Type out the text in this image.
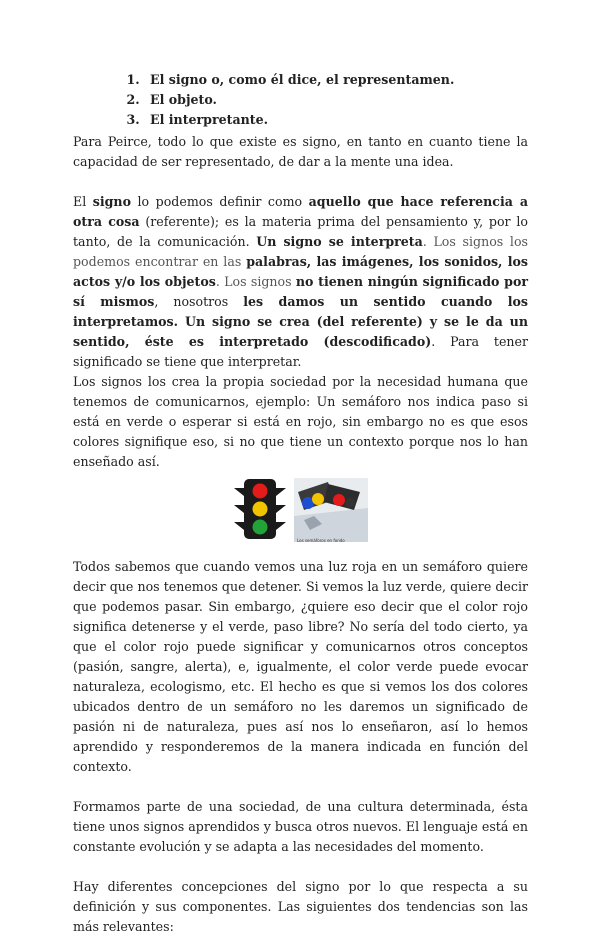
1. El signo o, como él dice, el representamen.
2. El objeto.
3. El interpretante.

Para Peirce, todo lo que existe es signo, en tanto en cuanto tiene la capacidad de ser representado, de dar a la mente una idea.

El signo lo podemos definir como aquello que hace referencia a otra cosa (referente); es la materia prima del pensamiento y, por lo tanto, de la comunicación. Un signo se interpreta. Los signos los podemos encontrar en las palabras, las imágenes, los sonidos, los actos y/o los objetos. Los signos no tienen ningún significado por sí mismos, nosotros les damos un sentido cuando los interpretamos. Un signo se crea (del referente) y se le da un sentido, éste es interpretado (descodificado). Para tener significado se tiene que interpretar.

Los signos los crea la propia sociedad por la necesidad humana que tenemos de comunicarnos, ejemplo: Un semáforo nos indica paso si está en verde o esperar si está en rojo, sin embargo no es que esos colores signifique eso, si no que tiene un contexto porque nos lo han enseñado así.

Los semáforos en fondo

Todos sabemos que cuando vemos una luz roja en un semáforo quiere decir que nos tenemos que detener. Si vemos la luz verde, quiere decir que podemos pasar. Sin embargo, ¿quiere eso decir que el color rojo significa detenerse y el verde, paso libre? No sería del todo cierto, ya que el color rojo puede significar y comunicarnos otros conceptos (pasión, sangre, alerta), e, igualmente, el color verde puede evocar naturaleza, ecologismo, etc. El hecho es que si vemos los dos colores ubicados dentro de un semáforo no les daremos un significado de pasión ni de naturaleza, pues así nos lo enseñaron, así lo hemos aprendido y responderemos de la manera indicada en función del contexto.

Formamos parte de una sociedad, de una cultura determinada, ésta tiene unos signos aprendidos y busca otros nuevos. El lenguaje está en constante evolución y se adapta a las necesidades del momento.

Hay diferentes concepciones del signo por lo que respecta a su definición y sus componentes. Las siguientes dos tendencias son las más relevantes:
